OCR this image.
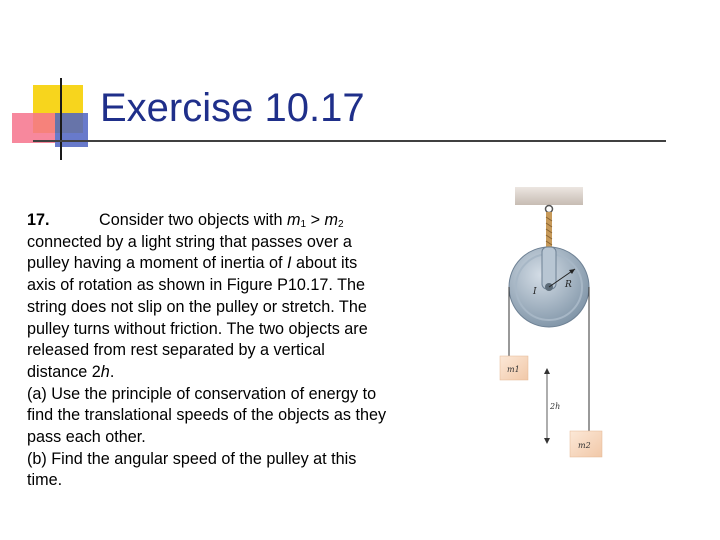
Exercise 10.17

17.	Consider two objects with $m_1 > m_2$ connected by a light string that passes over a pulley having a moment of inertia of I about its axis of rotation as shown in Figure P10.17. The string does not slip on the pulley or stretch. The pulley turns without friction. The two objects are released from rest separated by a vertical distance 2h.

(a) Use the principle of conservation of energy to find the translational speeds of the objects as they pass each other.

(b) Find the angular speed of the pulley at this time.

I
R
m1
m2
2h
